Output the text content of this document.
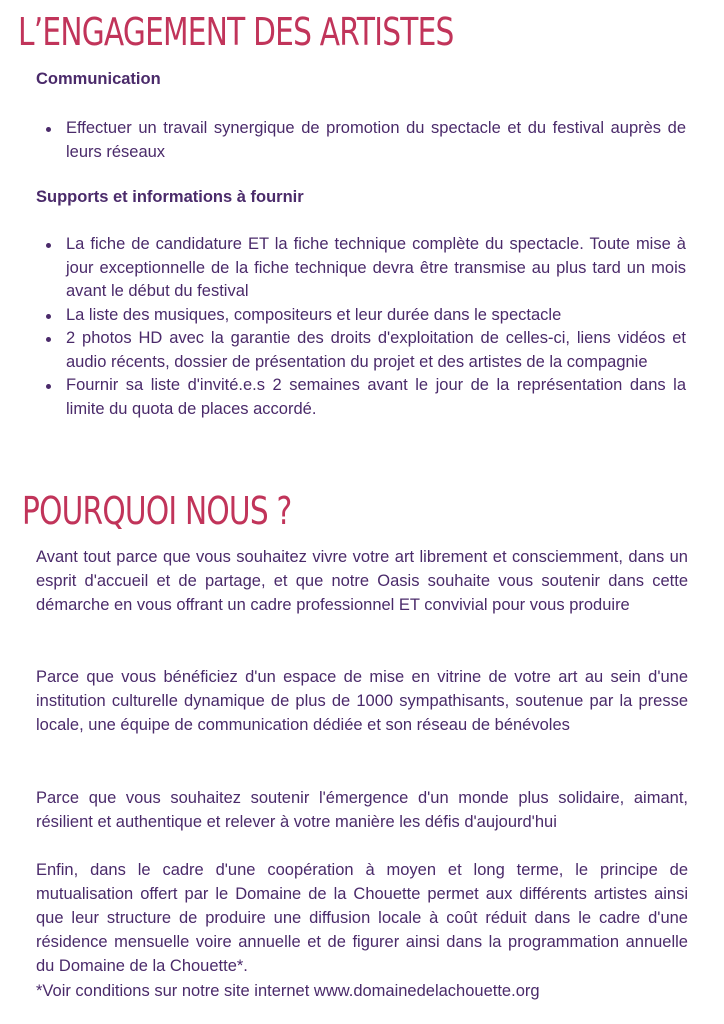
L’ENGAGEMENT DES ARTISTES
Communication
Effectuer un travail synergique de promotion du spectacle et du festival auprès de leurs réseaux
Supports et informations à fournir
La fiche de candidature ET la fiche technique complète du spectacle. Toute mise à jour exceptionnelle de la fiche technique devra être transmise au plus tard un mois avant le début du festival
La liste des musiques, compositeurs et leur durée dans le spectacle
2 photos HD avec la garantie des droits d'exploitation de celles-ci, liens vidéos et audio récents, dossier de présentation du projet et des artistes de la compagnie
Fournir sa liste d'invité.e.s 2 semaines avant le jour de la représentation dans la limite du quota de places accordé.
POURQUOI NOUS ?

Avant tout parce que vous souhaitez vivre votre art librement et consciemment, dans un esprit d'accueil et de partage, et que notre Oasis souhaite vous soutenir dans cette démarche en vous offrant un cadre professionnel ET convivial pour vous produire

Parce que vous bénéficiez d'un espace de mise en vitrine de votre art au sein d'une institution culturelle dynamique de plus de 1000 sympathisants, soutenue par la presse locale, une équipe de communication dédiée et son réseau de bénévoles

Parce que vous souhaitez soutenir l'émergence d'un monde plus solidaire, aimant, résilient et authentique et relever à votre manière les défis d'aujourd'hui

Enfin, dans le cadre d'une coopération à moyen et long terme, le principe de mutualisation offert par le Domaine de la Chouette permet aux différents artistes ainsi que leur structure de produire une diffusion locale à coût réduit dans le cadre d'une résidence mensuelle voire annuelle et de figurer ainsi dans la programmation annuelle du Domaine de la Chouette*.

*Voir conditions sur notre site internet www.domainedelachouette.org
